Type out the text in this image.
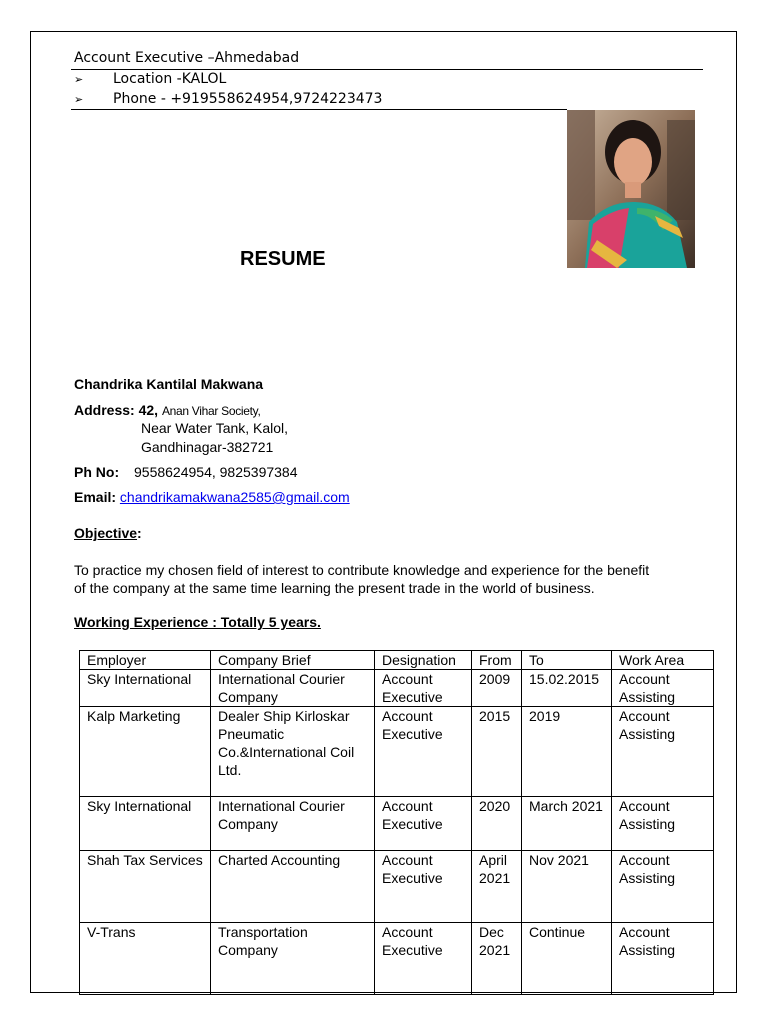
Account Executive –Ahmedabad
➢ Location -KALOL
➢ Phone - +919558624954,9724223473
RESUME
Chandrika Kantilal Makwana
Address: 42, Anan Vihar Society,
Near Water Tank, Kalol,
Gandhinagar-382721
Ph No: 9558624954, 9825397384
Email: chandrikamakwana2585@gmail.com
Objective:
To practice my chosen field of interest to contribute knowledge and experience for the benefit
of the company at the same time learning the present trade in the world of business.
Working Experience : Totally 5 years.
Employer	Company Brief	Designation	From	To	Work Area
Sky International	International Courier Company	Account Executive	2009	15.02.2015	Account Assisting
Kalp Marketing	Dealer Ship Kirloskar Pneumatic Co.&International Coil Ltd.	Account Executive	2015	2019	Account Assisting
Sky International	International Courier Company	Account Executive	2020	March 2021	Account Assisting
Shah Tax Services	Charted Accounting	Account Executive	April 2021	Nov 2021	Account Assisting
V-Trans	Transportation Company	Account Executive	Dec 2021	Continue	Account Assisting
